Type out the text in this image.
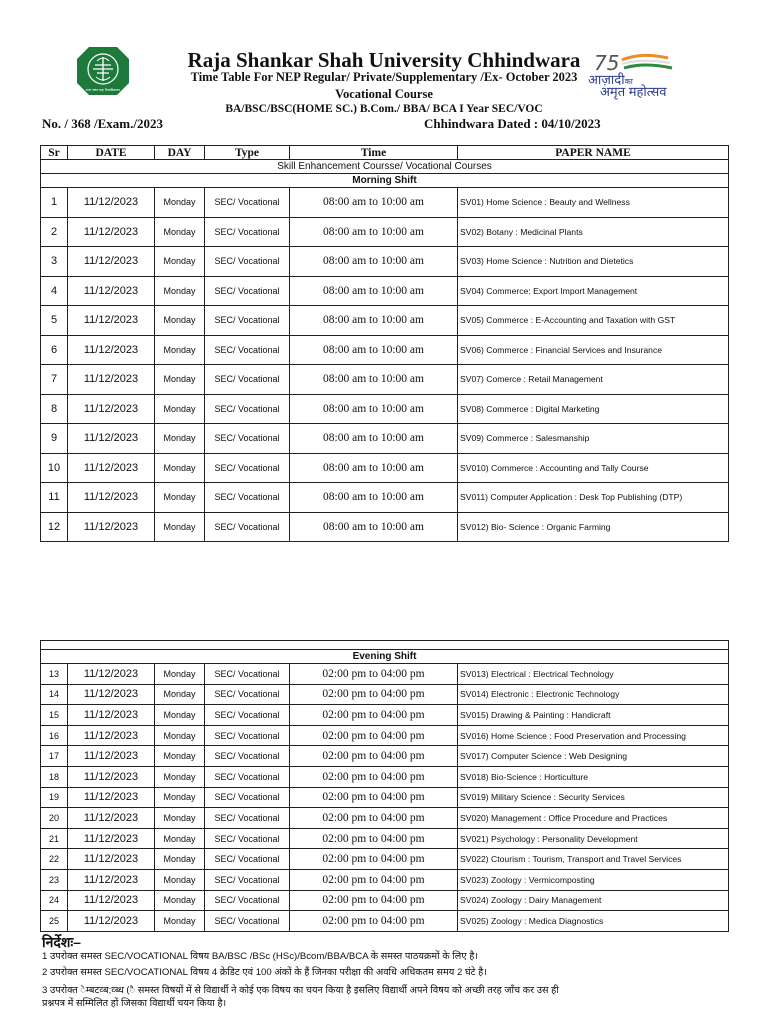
राजा शंकर शाह विश्वविद्यालय
Raja Shankar Shah University Chhindwara
Time Table For NEP Regular/ Private/Supplementary /Ex- October 2023
Vocational Course
BA/BSC/BSC(HOME SC.) B.Com./ BBA/ BCA I Year SEC/VOC
No. / 368 /Exam./2023	Chhindwara Dated : 04/10/2023
75
आज़ादीका
अमृत महोत्सव
Sr	DATE	DAY	Type	Time	PAPER NAME
Skill Enhancement Coursse/ Vocational Courses					
Morning Shift					
1	11/12/2023	Monday	SEC/ Vocational	08:00 am to 10:00 am	SV01) Home Science : Beauty and Wellness
2	11/12/2023	Monday	SEC/ Vocational	08:00 am to 10:00 am	SV02) Botany : Medicinal Plants
3	11/12/2023	Monday	SEC/ Vocational	08:00 am to 10:00 am	SV03) Home Science : Nutrition and Dietetics
4	11/12/2023	Monday	SEC/ Vocational	08:00 am to 10:00 am	SV04) Commerce: Export Import Management
5	11/12/2023	Monday	SEC/ Vocational	08:00 am to 10:00 am	SV05) Commerce : E-Accounting and Taxation with GST
6	11/12/2023	Monday	SEC/ Vocational	08:00 am to 10:00 am	SV06) Commerce : Financial Services and Insurance
7	11/12/2023	Monday	SEC/ Vocational	08:00 am to 10:00 am	SV07) Comerce : Retail Management
8	11/12/2023	Monday	SEC/ Vocational	08:00 am to 10:00 am	SV08) Commerce : Digital Marketing
9	11/12/2023	Monday	SEC/ Vocational	08:00 am to 10:00 am	SV09) Commerce : Salesmanship
10	11/12/2023	Monday	SEC/ Vocational	08:00 am to 10:00 am	SV010) Commerce : Accounting and Tally Course
11	11/12/2023	Monday	SEC/ Vocational	08:00 am to 10:00 am	SV011) Computer Application : Desk Top Publishing (DTP)
12	11/12/2023	Monday	SEC/ Vocational	08:00 am to 10:00 am	SV012) Bio- Science : Organic Farming

Evening Shift					
13	11/12/2023	Monday	SEC/ Vocational	02:00 pm to 04:00 pm	SV013) Electrical : Electrical Technology
14	11/12/2023	Monday	SEC/ Vocational	02:00 pm to 04:00 pm	SV014) Electronic : Electronic Technology
15	11/12/2023	Monday	SEC/ Vocational	02:00 pm to 04:00 pm	SV015) Drawing & Painting : Handicraft
16	11/12/2023	Monday	SEC/ Vocational	02:00 pm to 04:00 pm	SV016) Home Science : Food Preservation and Processing
17	11/12/2023	Monday	SEC/ Vocational	02:00 pm to 04:00 pm	SV017) Computer Science : Web Designing
18	11/12/2023	Monday	SEC/ Vocational	02:00 pm to 04:00 pm	SV018) Bio-Science : Horticulture
19	11/12/2023	Monday	SEC/ Vocational	02:00 pm to 04:00 pm	SV019) Military Science : Security Services
20	11/12/2023	Monday	SEC/ Vocational	02:00 pm to 04:00 pm	SV020) Management : Office Procedure and Practices
21	11/12/2023	Monday	SEC/ Vocational	02:00 pm to 04:00 pm	SV021) Psychology : Personality Development
22	11/12/2023	Monday	SEC/ Vocational	02:00 pm to 04:00 pm	SV022) Ctourism : Tourism, Transport and Travel Services
23	11/12/2023	Monday	SEC/ Vocational	02:00 pm to 04:00 pm	SV023) Zoology : Vermicomposting
24	11/12/2023	Monday	SEC/ Vocational	02:00 pm to 04:00 pm	SV024) Zoology : Dairy Management
25	11/12/2023	Monday	SEC/ Vocational	02:00 pm to 04:00 pm	SV025) Zoology : Medica Diagnostics
निर्देशः–
1 उपरोक्त समस्त SEC/VOCATIONAL विषय BA/BSC /BSc (HSc)/Bcom/BBA/BCA के समस्त पाठयक्रमों के लिए है।
2 उपरोक्त समस्त SEC/VOCATIONAL विषय 4 क्रेडिट एवं 100 अंकों के हैं जिनका परीक्षा की अवधि अधिकतम समय 2 घंटे है।
3 उपरोक्त ेम्बटव्ब;व्ब्ध (ै समस्त विषयों में से विद्यार्थी ने कोई एक विषय का चयन किया है इसलिए विद्यार्थी अपने विषय को अच्छी तरह जाँच कर उस ही
प्रश्नपत्र में सम्मिलित हों जिसका विद्यार्थी चयन किया है।
